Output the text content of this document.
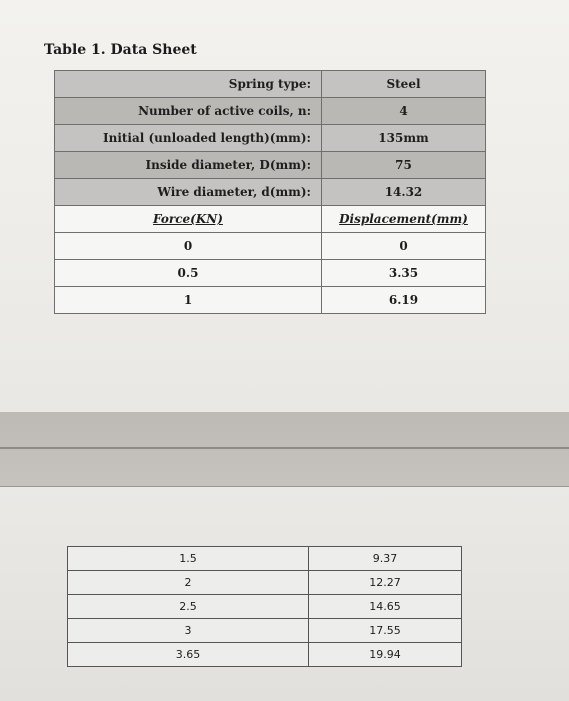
Table 1. Data Sheet
Spring type:	Steel
Number of active coils, n:	4
Initial (unloaded length)(mm):	135mm
Inside diameter, D(mm):	75
Wire diameter, d(mm):	14.32
Force(KN)	Displacement(mm)
0	0
0.5	3.35
1	6.19
1.5	9.37
2	12.27
2.5	14.65
3	17.55
3.65	19.94
